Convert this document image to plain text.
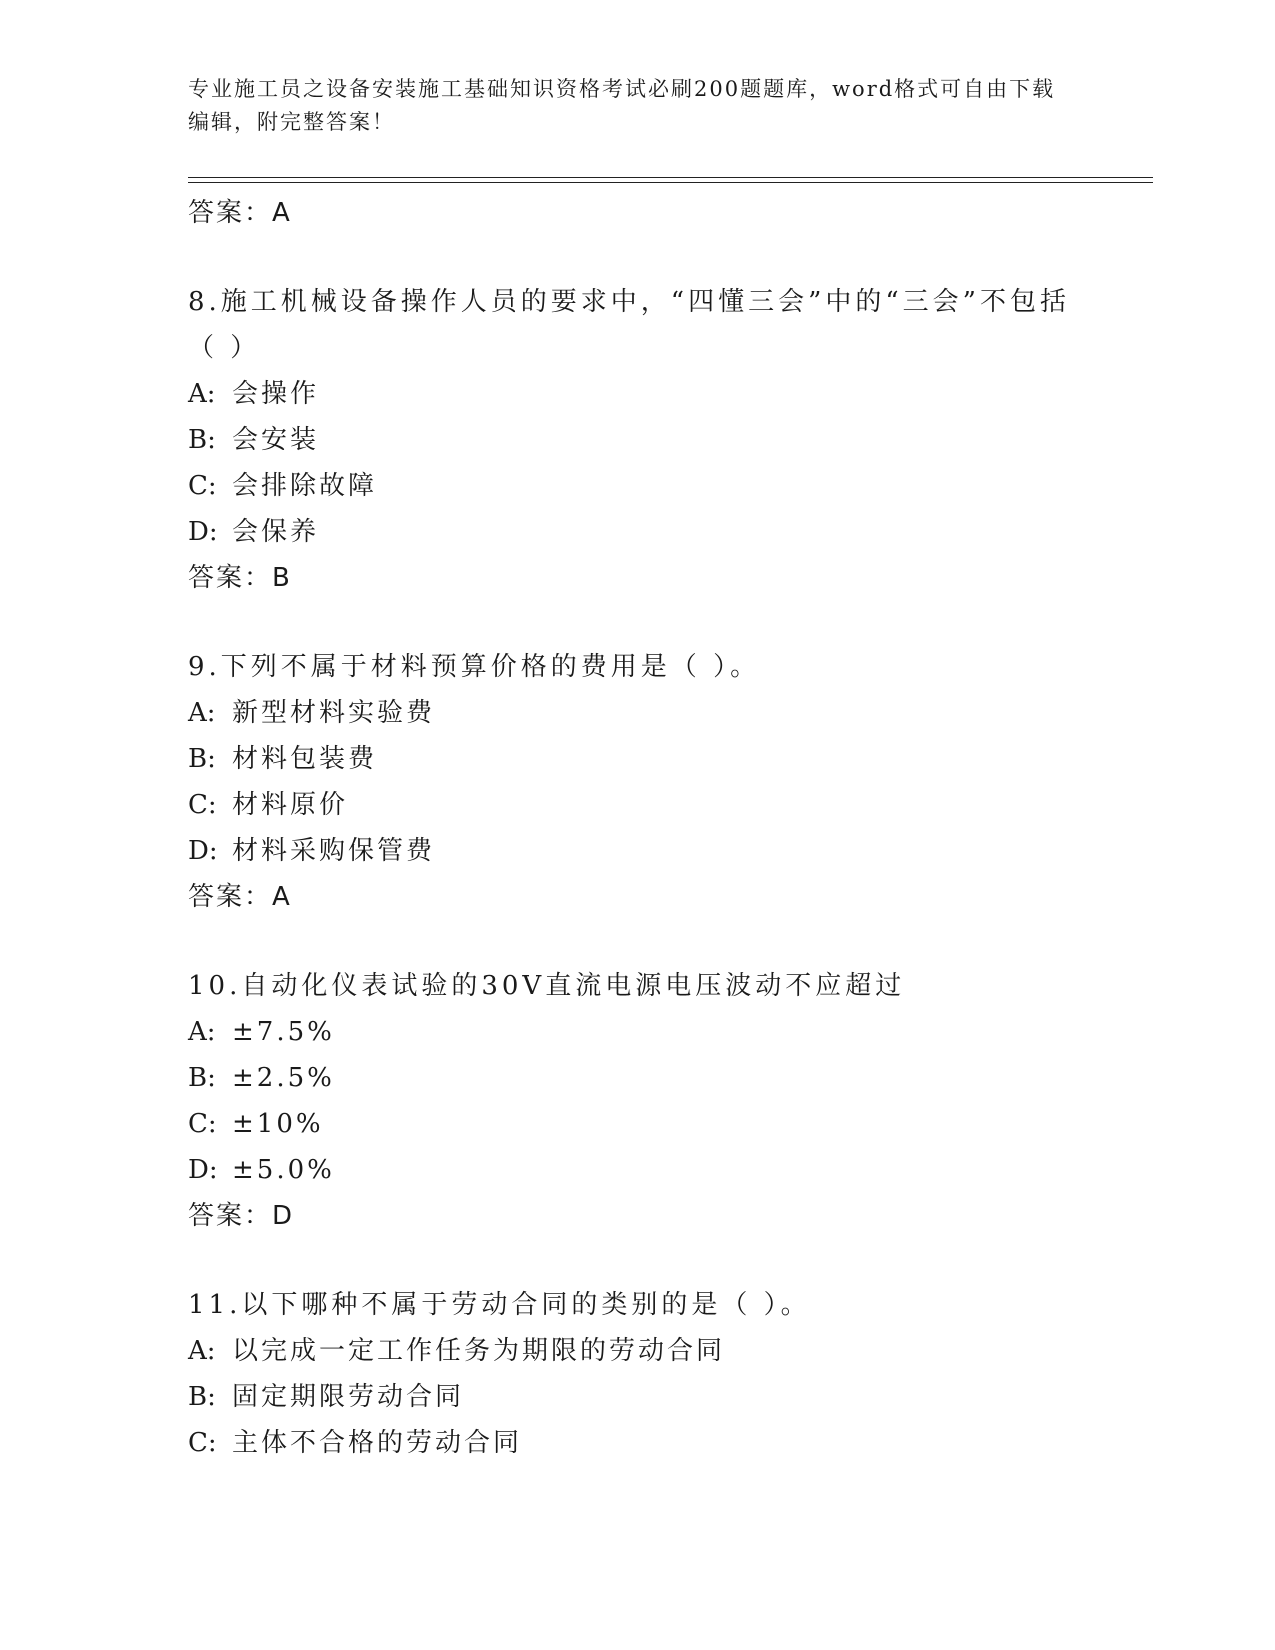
专业施工员之设备安装施工基础知识资格考试必刷200题题库，word格式可自由下载编辑，附完整答案！
答案：A
8.施工机械设备操作人员的要求中，“四懂三会”中的“三会”不包括（ ）
A: 会操作
B: 会安装
C: 会排除故障
D: 会保养
答案：B
9.下列不属于材料预算价格的费用是（ ）。
A: 新型材料实验费
B: 材料包装费
C: 材料原价
D: 材料采购保管费
答案：A
10.自动化仪表试验的30V直流电源电压波动不应超过
A: ±7.5%
B: ±2.5%
C: ±10%
D: ±5.0%
答案：D
11.以下哪种不属于劳动合同的类别的是（ ）。
A: 以完成一定工作任务为期限的劳动合同
B: 固定期限劳动合同
C: 主体不合格的劳动合同
